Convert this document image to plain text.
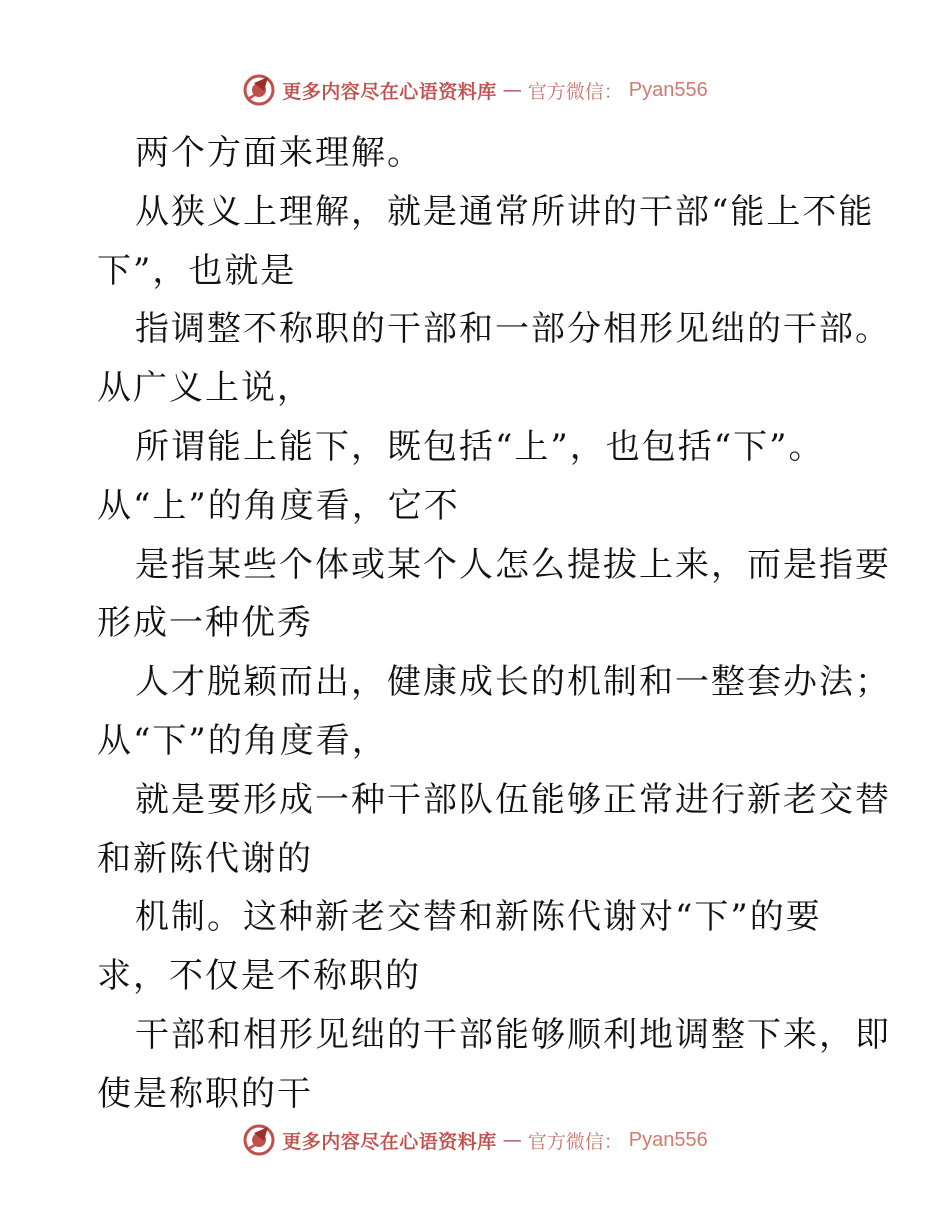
更多内容尽在心语资料库 — 官方微信： Pyan556
两个方面来理解。
从狭义上理解，就是通常所讲的干部“能上不能
下”，也就是
指调整不称职的干部和一部分相形见绌的干部。
从广义上说，
所谓能上能下，既包括“上”，也包括“下”。
从“上”的角度看，它不
是指某些个体或某个人怎么提拔上来，而是指要
形成一种优秀
人才脱颖而出，健康成长的机制和一整套办法；
从“下”的角度看，
就是要形成一种干部队伍能够正常进行新老交替
和新陈代谢的
机制。这种新老交替和新陈代谢对“下”的要
求，不仅是不称职的
干部和相形见绌的干部能够顺利地调整下来，即
使是称职的干
更多内容尽在心语资料库 — 官方微信： Pyan556
